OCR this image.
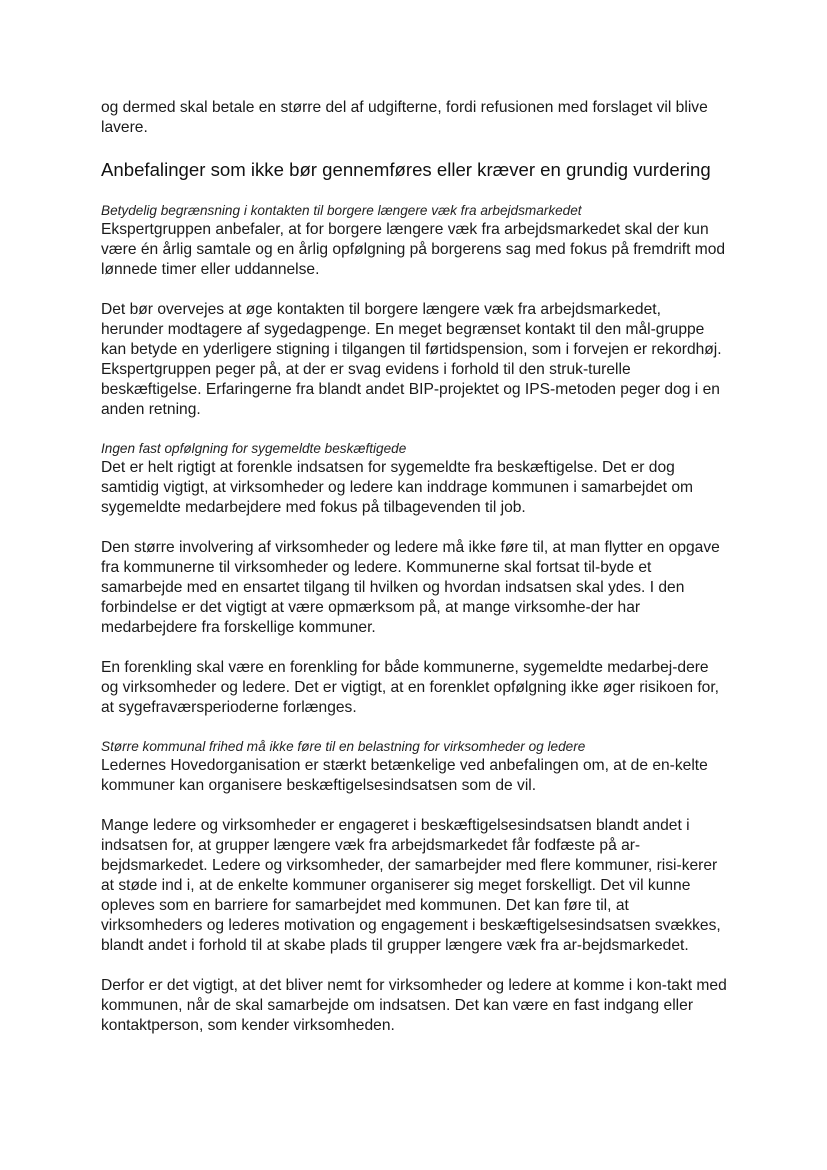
og dermed skal betale en større del af udgifterne, fordi refusionen med forslaget vil blive lavere.

Anbefalinger som ikke bør gennemføres eller kræver en grundig vurdering
Betydelig begrænsning i kontakten til borgere længere væk fra arbejdsmarkedet

Ekspertgruppen anbefaler, at for borgere længere væk fra arbejdsmarkedet skal der kun være én årlig samtale og en årlig opfølgning på borgerens sag med fokus på fremdrift mod lønnede timer eller uddannelse.

Det bør overvejes at øge kontakten til borgere længere væk fra arbejdsmarkedet, herunder modtagere af sygedagpenge. En meget begrænset kontakt til den mål-gruppe kan betyde en yderligere stigning i tilgangen til førtidspension, som i forvejen er rekordhøj. Ekspertgruppen peger på, at der er svag evidens i forhold til den struk-turelle beskæftigelse. Erfaringerne fra blandt andet BIP-projektet og IPS-metoden peger dog i en anden retning.

Ingen fast opfølgning for sygemeldte beskæftigede

Det er helt rigtigt at forenkle indsatsen for sygemeldte fra beskæftigelse. Det er dog samtidig vigtigt, at virksomheder og ledere kan inddrage kommunen i samarbejdet om sygemeldte medarbejdere med fokus på tilbagevenden til job.

Den større involvering af virksomheder og ledere må ikke føre til, at man flytter en opgave fra kommunerne til virksomheder og ledere. Kommunerne skal fortsat til-byde et samarbejde med en ensartet tilgang til hvilken og hvordan indsatsen skal ydes. I den forbindelse er det vigtigt at være opmærksom på, at mange virksomhe-der har medarbejdere fra forskellige kommuner.

En forenkling skal være en forenkling for både kommunerne, sygemeldte medarbej-dere og virksomheder og ledere. Det er vigtigt, at en forenklet opfølgning ikke øger risikoen for, at sygefraværsperioderne forlænges.

Større kommunal frihed må ikke føre til en belastning for virksomheder og ledere

Ledernes Hovedorganisation er stærkt betænkelige ved anbefalingen om, at de en-kelte kommuner kan organisere beskæftigelsesindsatsen som de vil.

Mange ledere og virksomheder er engageret i beskæftigelsesindsatsen blandt andet i indsatsen for, at grupper længere væk fra arbejdsmarkedet får fodfæste på ar-bejdsmarkedet. Ledere og virksomheder, der samarbejder med flere kommuner, risi-kerer at støde ind i, at de enkelte kommuner organiserer sig meget forskelligt. Det vil kunne opleves som en barriere for samarbejdet med kommunen. Det kan føre til, at virksomheders og lederes motivation og engagement i beskæftigelsesindsatsen svækkes, blandt andet i forhold til at skabe plads til grupper længere væk fra ar-bejdsmarkedet.

Derfor er det vigtigt, at det bliver nemt for virksomheder og ledere at komme i kon-takt med kommunen, når de skal samarbejde om indsatsen. Det kan være en fast indgang eller kontaktperson, som kender virksomheden.
